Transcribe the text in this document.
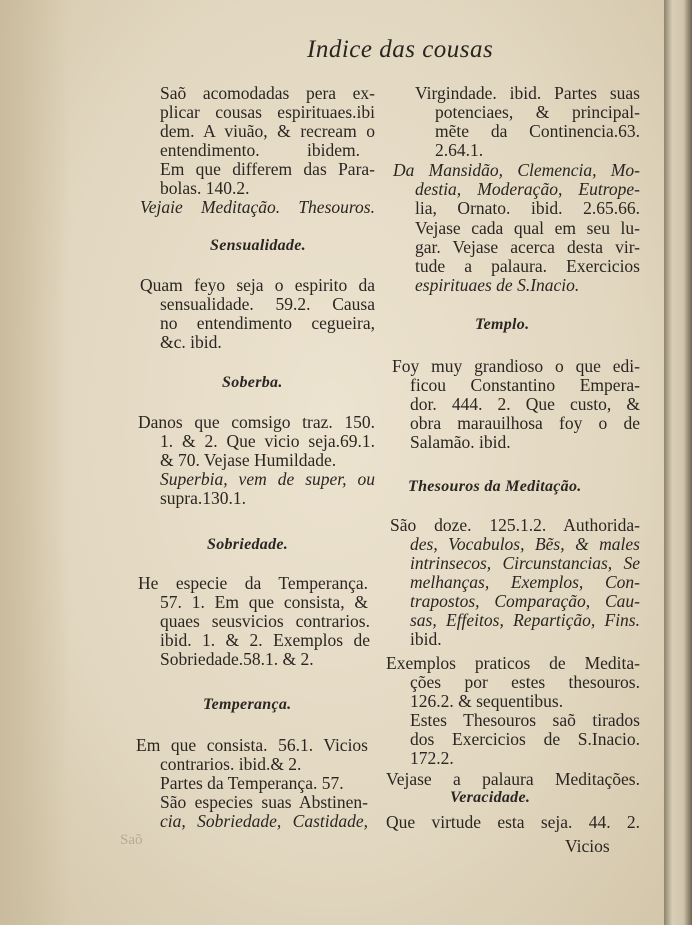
Indice das cousas
Saõ acomodadas pera ex-
plicar cousas espirituaes.ibi
dem. A viuão, & recream o
entendimento. ibidem.
Em que differem das Para-
bolas. 140.2.
Vejaie Meditação. Thesouros.
Sensualidade.
Quam feyo seja o espirito da
sensualidade. 59.2. Causa
no entendimento cegueira,
&c. ibid.
Soberba.
Danos que comsigo traz. 150.
1. & 2. Que vicio seja.69.1.
& 70. Vejase Humildade.
Superbia, vem de super, ou
supra.130.1.
Sobriedade.
He especie da Temperança.
57. 1. Em que consista, &
quaes seusvicios contrarios.
ibid. 1. & 2. Exemplos de
Sobriedade.58.1. & 2.
Temperança.
Em que consista. 56.1. Vicios
contrarios. ibid.& 2.
Partes da Temperança. 57.
São especies suas Abstinen-
cia, Sobriedade, Castidade,
Virgindade. ibid. Partes suas
potenciaes, & principal-
mẽte da Continencia.63.
2.64.1.
Da Mansidão, Clemencia, Mo-
destia, Moderação, Eutrope-
lia, Ornato. ibid. 2.65.66.
Vejase cada qual em seu lu-
gar. Vejase acerca desta vir-
tude a palaura. Exercicios
espirituaes de S.Inacio.
Templo.
Foy muy grandioso o que edi-
ficou Constantino Empera-
dor. 444. 2. Que custo, &
obra marauilhosa foy o de
Salamão. ibid.
Thesouros da Meditação.
São doze. 125.1.2. Authorida-
des, Vocabulos, Bẽs, & males
intrinsecos, Circunstancias, Se
melhanças, Exemplos, Con-
trapostos, Comparação, Cau-
sas, Effeitos, Repartição, Fins.
ibid.
Exemplos praticos de Medita-
ções por estes thesouros.
126.2. & sequentibus.
Estes Thesouros saõ tirados
dos Exercicios de S.Inacio.
172.2.
Vejase a palaura Meditações.
Veracidade.
Que virtude esta seja. 44. 2.
Vicios
Saõ
